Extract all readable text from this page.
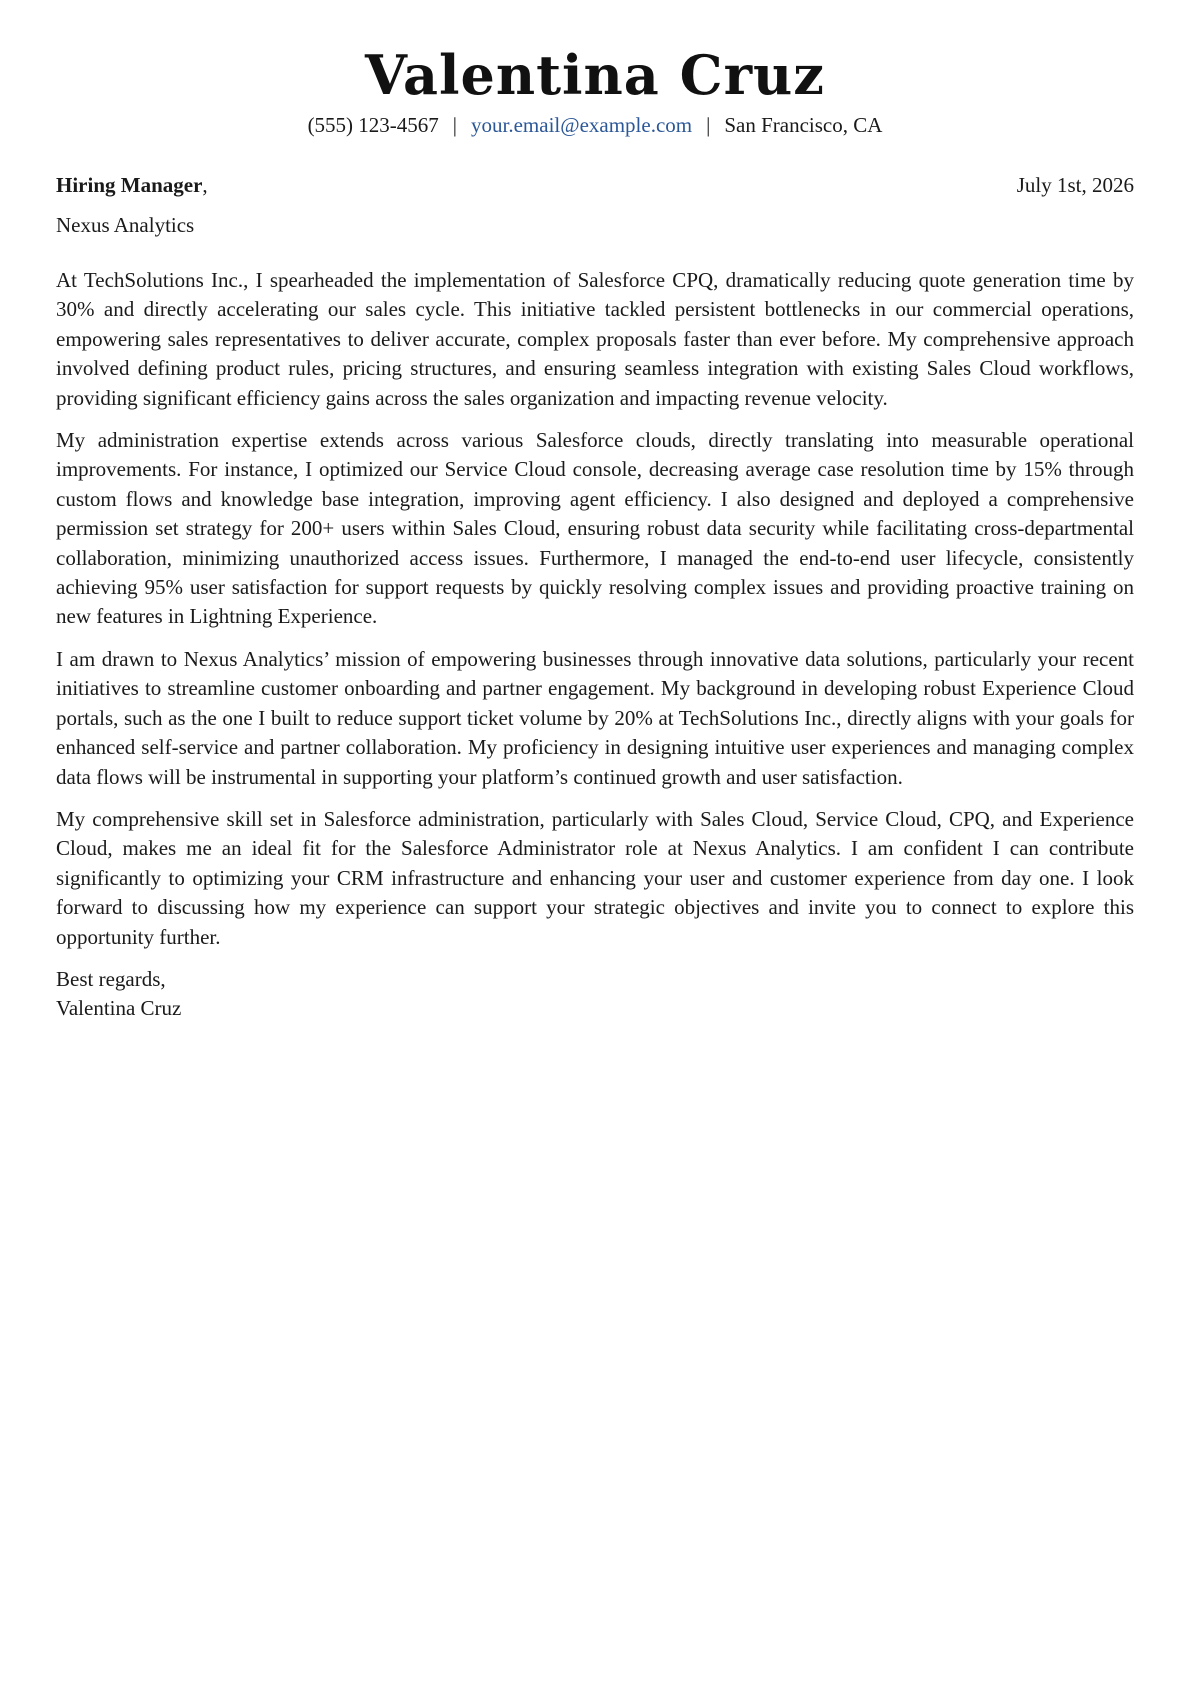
Valentina Cruz
(555) 123-4567 | your.email@example.com | San Francisco, CA
Hiring Manager,	July 1st, 2026
Nexus Analytics

At TechSolutions Inc., I spearheaded the implementation of Salesforce CPQ, dramatically reducing quote generation time by 30% and directly accelerating our sales cycle. This initiative tackled persistent bottlenecks in our commercial operations, empowering sales representatives to deliver accurate, complex proposals faster than ever before. My comprehensive approach involved defining product rules, pricing structures, and ensuring seamless integration with existing Sales Cloud workflows, providing significant efficiency gains across the sales organization and impacting revenue velocity.

My administration expertise extends across various Salesforce clouds, directly translating into measurable operational improvements. For instance, I optimized our Service Cloud console, decreasing average case resolution time by 15% through custom flows and knowledge base integration, improving agent efficiency. I also designed and deployed a comprehensive permission set strategy for 200+ users within Sales Cloud, ensuring robust data security while facilitating cross-departmental collaboration, minimizing unauthorized access issues. Furthermore, I managed the end-to-end user lifecycle, consistently achieving 95% user satisfaction for support requests by quickly resolving complex issues and providing proactive training on new features in Lightning Experience.

I am drawn to Nexus Analytics’ mission of empowering businesses through innovative data solutions, particularly your recent initiatives to streamline customer onboarding and partner engagement. My background in developing robust Experience Cloud portals, such as the one I built to reduce support ticket volume by 20% at TechSolutions Inc., directly aligns with your goals for enhanced self-service and partner collaboration. My proficiency in designing intuitive user experiences and managing complex data flows will be instrumental in supporting your platform’s continued growth and user satisfaction.

My comprehensive skill set in Salesforce administration, particularly with Sales Cloud, Service Cloud, CPQ, and Experience Cloud, makes me an ideal fit for the Salesforce Administrator role at Nexus Analytics. I am confident I can contribute significantly to optimizing your CRM infrastructure and enhancing your user and customer experience from day one. I look forward to discussing how my experience can support your strategic objectives and invite you to connect to explore this opportunity further.

Best regards,
Valentina Cruz
